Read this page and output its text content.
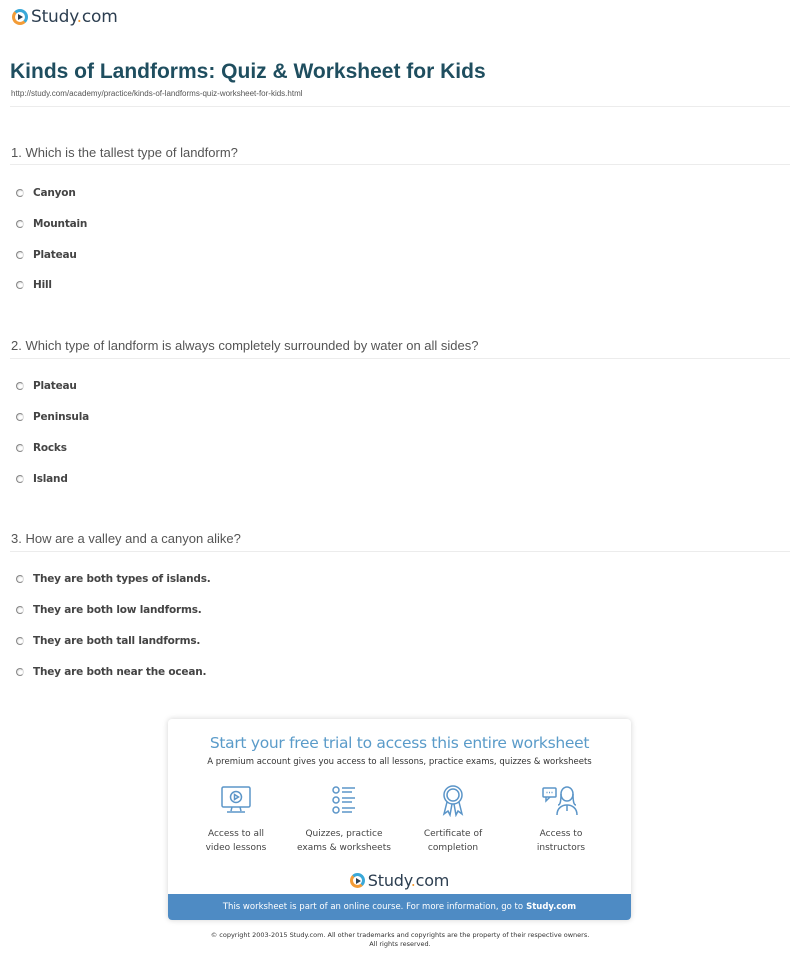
Study.com
Kinds of Landforms: Quiz & Worksheet for Kids
http://study.com/academy/practice/kinds-of-landforms-quiz-worksheet-for-kids.html
1. Which is the tallest type of landform?
Canyon
Mountain
Plateau
Hill
2. Which type of landform is always completely surrounded by water on all sides?
Plateau
Peninsula
Rocks
Island
3. How are a valley and a canyon alike?
They are both types of islands.
They are both low landforms.
They are both tall landforms.
They are both near the ocean.
Start your free trial to access this entire worksheet
A premium account gives you access to all lessons, practice exams, quizzes & worksheets
Access to all
video lessons
Quizzes, practice
exams & worksheets
Certificate of
completion
Access to
instructors
Study.com
This worksheet is part of an online course. For more information, go to Study.com
© copyright 2003-2015 Study.com. All other trademarks and copyrights are the property of their respective owners.
All rights reserved.
